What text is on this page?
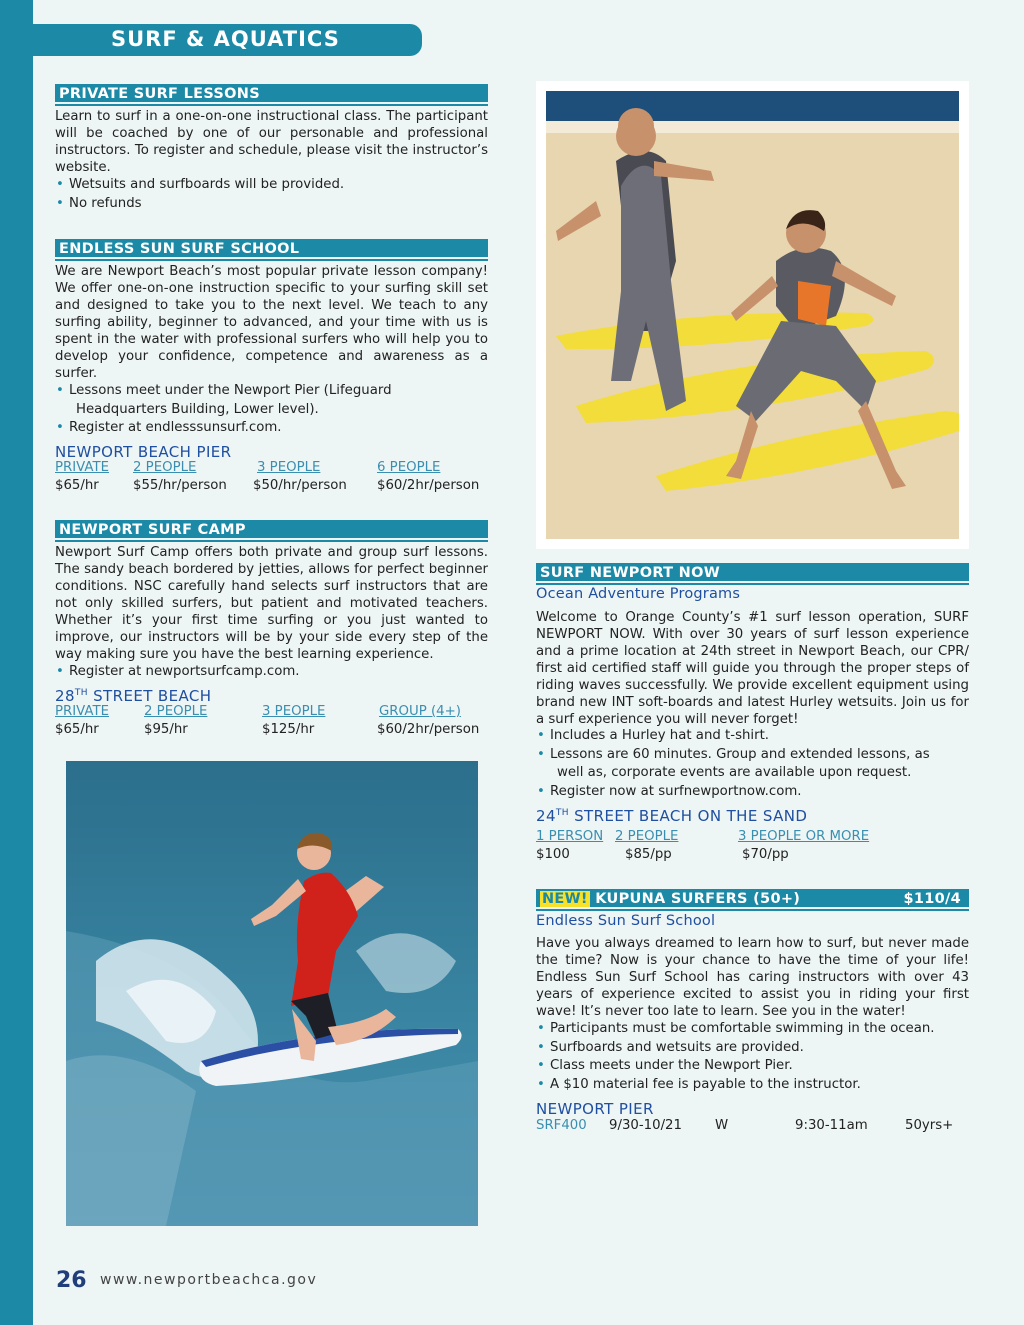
SURF & AQUATICS
PRIVATE SURF LESSONS

Learn to surf in a one-on-one instructional class. The participant will be coached by one of our personable and professional instructors. To register and schedule, please visit the instructor’s website.

• Wetsuits and surfboards will be provided.
• No refunds
ENDLESS SUN SURF SCHOOL

We are Newport Beach’s most popular private lesson company! We offer one-on-one instruction specific to your surfing skill set and designed to take you to the next level. We teach to any surfing ability, beginner to advanced, and your time with us is spent in the water with professional surfers who will help you to develop your confidence, competence and awareness as a surfer.

• Lessons meet under the Newport Pier (Lifeguard
Headquarters Building, Lower level).
• Register at endlesssunsurf.com.
NEWPORT BEACH PIER
PRIVATE 2 PEOPLE	3 PEOPLE	6 PEOPLE
$65/hr	$55/hr/person $50/hr/person $60/2hr/person
NEWPORT SURF CAMP

Newport Surf Camp offers both private and group surf lessons. The sandy beach bordered by jetties, allows for perfect beginner conditions. NSC carefully hand selects surf instructors that are not only skilled surfers, but patient and motivated teachers. Whether it’s your first time surfing or you just wanted to improve, our instructors will be by your side every step of the way making sure you have the best learning experience.

• Register at newportsurfcamp.com.
28TH STREET BEACH
PRIVATE	2 PEOPLE	3 PEOPLE	GROUP (4+)
$65/hr	$95/hr	$125/hr	$60/2hr/person
SURF NEWPORT NOW
Ocean Adventure Programs

Welcome to Orange County’s #1 surf lesson operation, SURF NEWPORT NOW. With over 30 years of surf lesson experience and a prime location at 24th street in Newport Beach, our CPR/ first aid certified staff will guide you through the proper steps of riding waves successfully. We provide excellent equipment using brand new INT soft-boards and latest Hurley wetsuits. Join us for a surf experience you will never forget!

• Includes a Hurley hat and t-shirt.
• Lessons are 60 minutes. Group and extended lessons, as
well as, corporate events are available upon request.
• Register now at surfnewportnow.com.
24TH STREET BEACH ON THE SAND
1 PERSON 2 PEOPLE	3 PEOPLE OR MORE
$100	$85/pp	$70/pp
NEW! KUPUNA SURFERS (50+)	$110/4
Endless Sun Surf School

Have you always dreamed to learn how to surf, but never made the time? Now is your chance to have the time of your life! Endless Sun Surf School has caring instructors with over 43 years of experience excited to assist you in riding your first wave! It’s never too late to learn. See you in the water!

• Participants must be comfortable swimming in the ocean.
• Surfboards and wetsuits are provided.
• Class meets under the Newport Pier.
• A $10 material fee is payable to the instructor.
NEWPORT PIER
SRF400 9/30-10/21 W	9:30-11am	50yrs+
26 www.newportbeachca.gov
